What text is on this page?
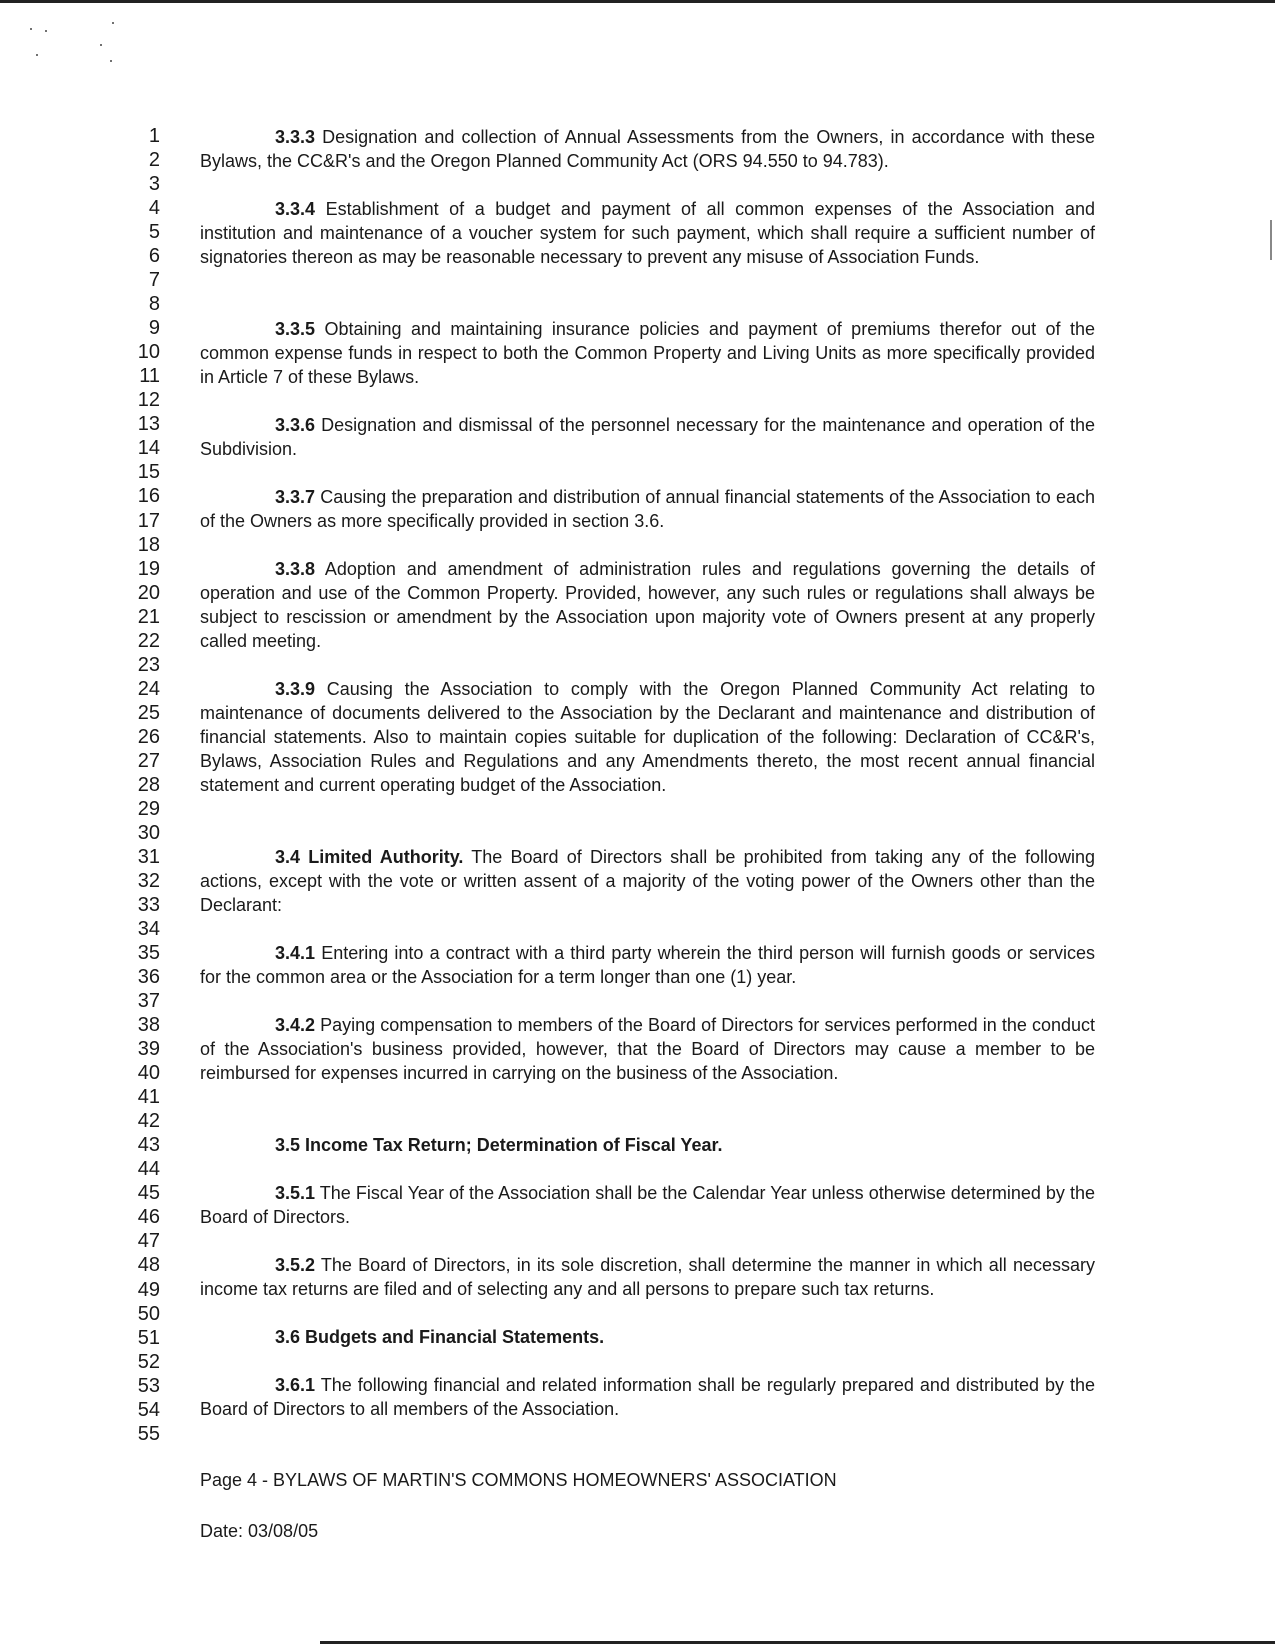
1
2
3
4
5
6
7
8
9
10
11
12
13
14
15
16
17
18
19
20
21
22
23
24
25
26
27
28
29
30
31
32
33
34
35
36
37
38
39
40
41
42
43
44
45
46
47
48
49
50
51
52
53
54
55
3.3.3 Designation and collection of Annual Assessments from the Owners, in accordance with these Bylaws, the CC&R's and the Oregon Planned Community Act (ORS 94.550 to 94.783).
3.3.4 Establishment of a budget and payment of all common expenses of the Association and institution and maintenance of a voucher system for such payment, which shall require a sufficient number of signatories thereon as may be reasonable necessary to prevent any misuse of Association Funds.
3.3.5 Obtaining and maintaining insurance policies and payment of premiums therefor out of the common expense funds in respect to both the Common Property and Living Units as more specifically provided in Article 7 of these Bylaws.
3.3.6 Designation and dismissal of the personnel necessary for the maintenance and operation of the Subdivision.
3.3.7 Causing the preparation and distribution of annual financial statements of the Association to each of the Owners as more specifically provided in section 3.6.
3.3.8 Adoption and amendment of administration rules and regulations governing the details of operation and use of the Common Property. Provided, however, any such rules or regulations shall always be subject to rescission or amendment by the Association upon majority vote of Owners present at any properly called meeting.
3.3.9 Causing the Association to comply with the Oregon Planned Community Act relating to maintenance of documents delivered to the Association by the Declarant and maintenance and distribution of financial statements. Also to maintain copies suitable for duplication of the following: Declaration of CC&R's, Bylaws, Association Rules and Regulations and any Amendments thereto, the most recent annual financial statement and current operating budget of the Association.
3.4 Limited Authority. The Board of Directors shall be prohibited from taking any of the following actions, except with the vote or written assent of a majority of the voting power of the Owners other than the Declarant:
3.4.1 Entering into a contract with a third party wherein the third person will furnish goods or services for the common area or the Association for a term longer than one (1) year.
3.4.2 Paying compensation to members of the Board of Directors for services performed in the conduct of the Association's business provided, however, that the Board of Directors may cause a member to be reimbursed for expenses incurred in carrying on the business of the Association.
3.5 Income Tax Return; Determination of Fiscal Year.
3.5.1 The Fiscal Year of the Association shall be the Calendar Year unless otherwise determined by the Board of Directors.
3.5.2 The Board of Directors, in its sole discretion, shall determine the manner in which all necessary income tax returns are filed and of selecting any and all persons to prepare such tax returns.
3.6 Budgets and Financial Statements.
3.6.1 The following financial and related information shall be regularly prepared and distributed by the Board of Directors to all members of the Association.
Page 4 - BYLAWS OF MARTIN'S COMMONS HOMEOWNERS' ASSOCIATION
Date: 03/08/05
